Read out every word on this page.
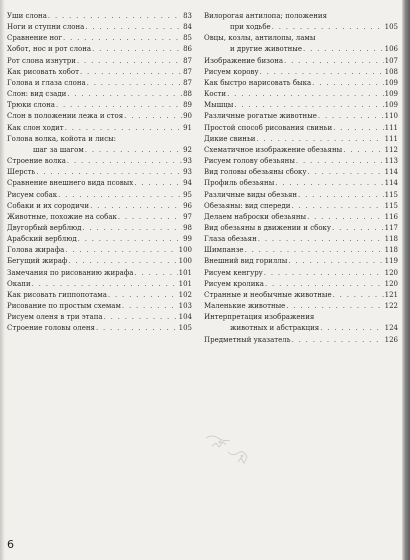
Уши слона . . .	83
Ноги и ступни слона . . .	84
Сравнение ног . . .	85
Хобот, нос и рот слона . . .	86
Рот слона изнутри . . .	87
Как рисовать хобот . . .	87
Голова и глаза слона . . .	87
Слон: вид сзади . . .	88
Трюки слона . . .	89
Слон в положении лежа и стоя . . .	90
Как слон ходит . . .	91
Голова волка, койота и лисы:
шаг за шагом . . .	92
Строение волка . . .	93
Шерсть . . .	93
Сравнение внешнего вида псовых . . .	94
Рисуем собак . . .	95
Собаки и их сородичи . . .	96
Животные, похожие на собак . . .	97
Двугорбый верблюд . . .	98
Арабский верблюд . . .	99
Голова жирафа . . .	100
Бегущий жираф . . .	100
Замечания по рисованию жирафа . . .	101
Окапи . . .	101
Как рисовать гиппопотама . . .	102
Рисование по простым схемам . . .	103
Рисуем оленя в три этапа . . .	104
Строение головы оленя . . .	105
Вилорогая антилопа; положения
при ходьбе . . .	105
Овцы, козлы, антилопы, ламы
и другие животные . . .	106
Изображение бизона . . .	107
Рисуем корову . . .	108
Как быстро нарисовать быка . . .	109
Кости . . .	109
Мышцы . . .	109
Различные рогатые животные . . .	110
Простой способ рисования свиньи . . .	111
Дикие свиньи . . .	111
Схематичное изображение обезьяны . . .	112
Рисуем голову обезьяны . . .	113
Вид головы обезьяны сбоку . . .	114
Профиль обезьяны . . .	114
Различные виды обезьян . . .	115
Обезьяны: вид спереди . . .	115
Делаем наброски обезьяны . . .	116
Вид обезьяны в движении и сбоку . . .	117
Глаза обезьян . . .	118
Шимпанзе . . .	118
Внешний вид гориллы . . .	119
Рисуем кенгуру . . .	120
Рисуем кролика . . .	120
Странные и необычные животные . . .	121
Маленькие животные . . .	122
Интерпретация изображения
животных и абстракция . . .	124
Предметный указатель . . .	126
6
